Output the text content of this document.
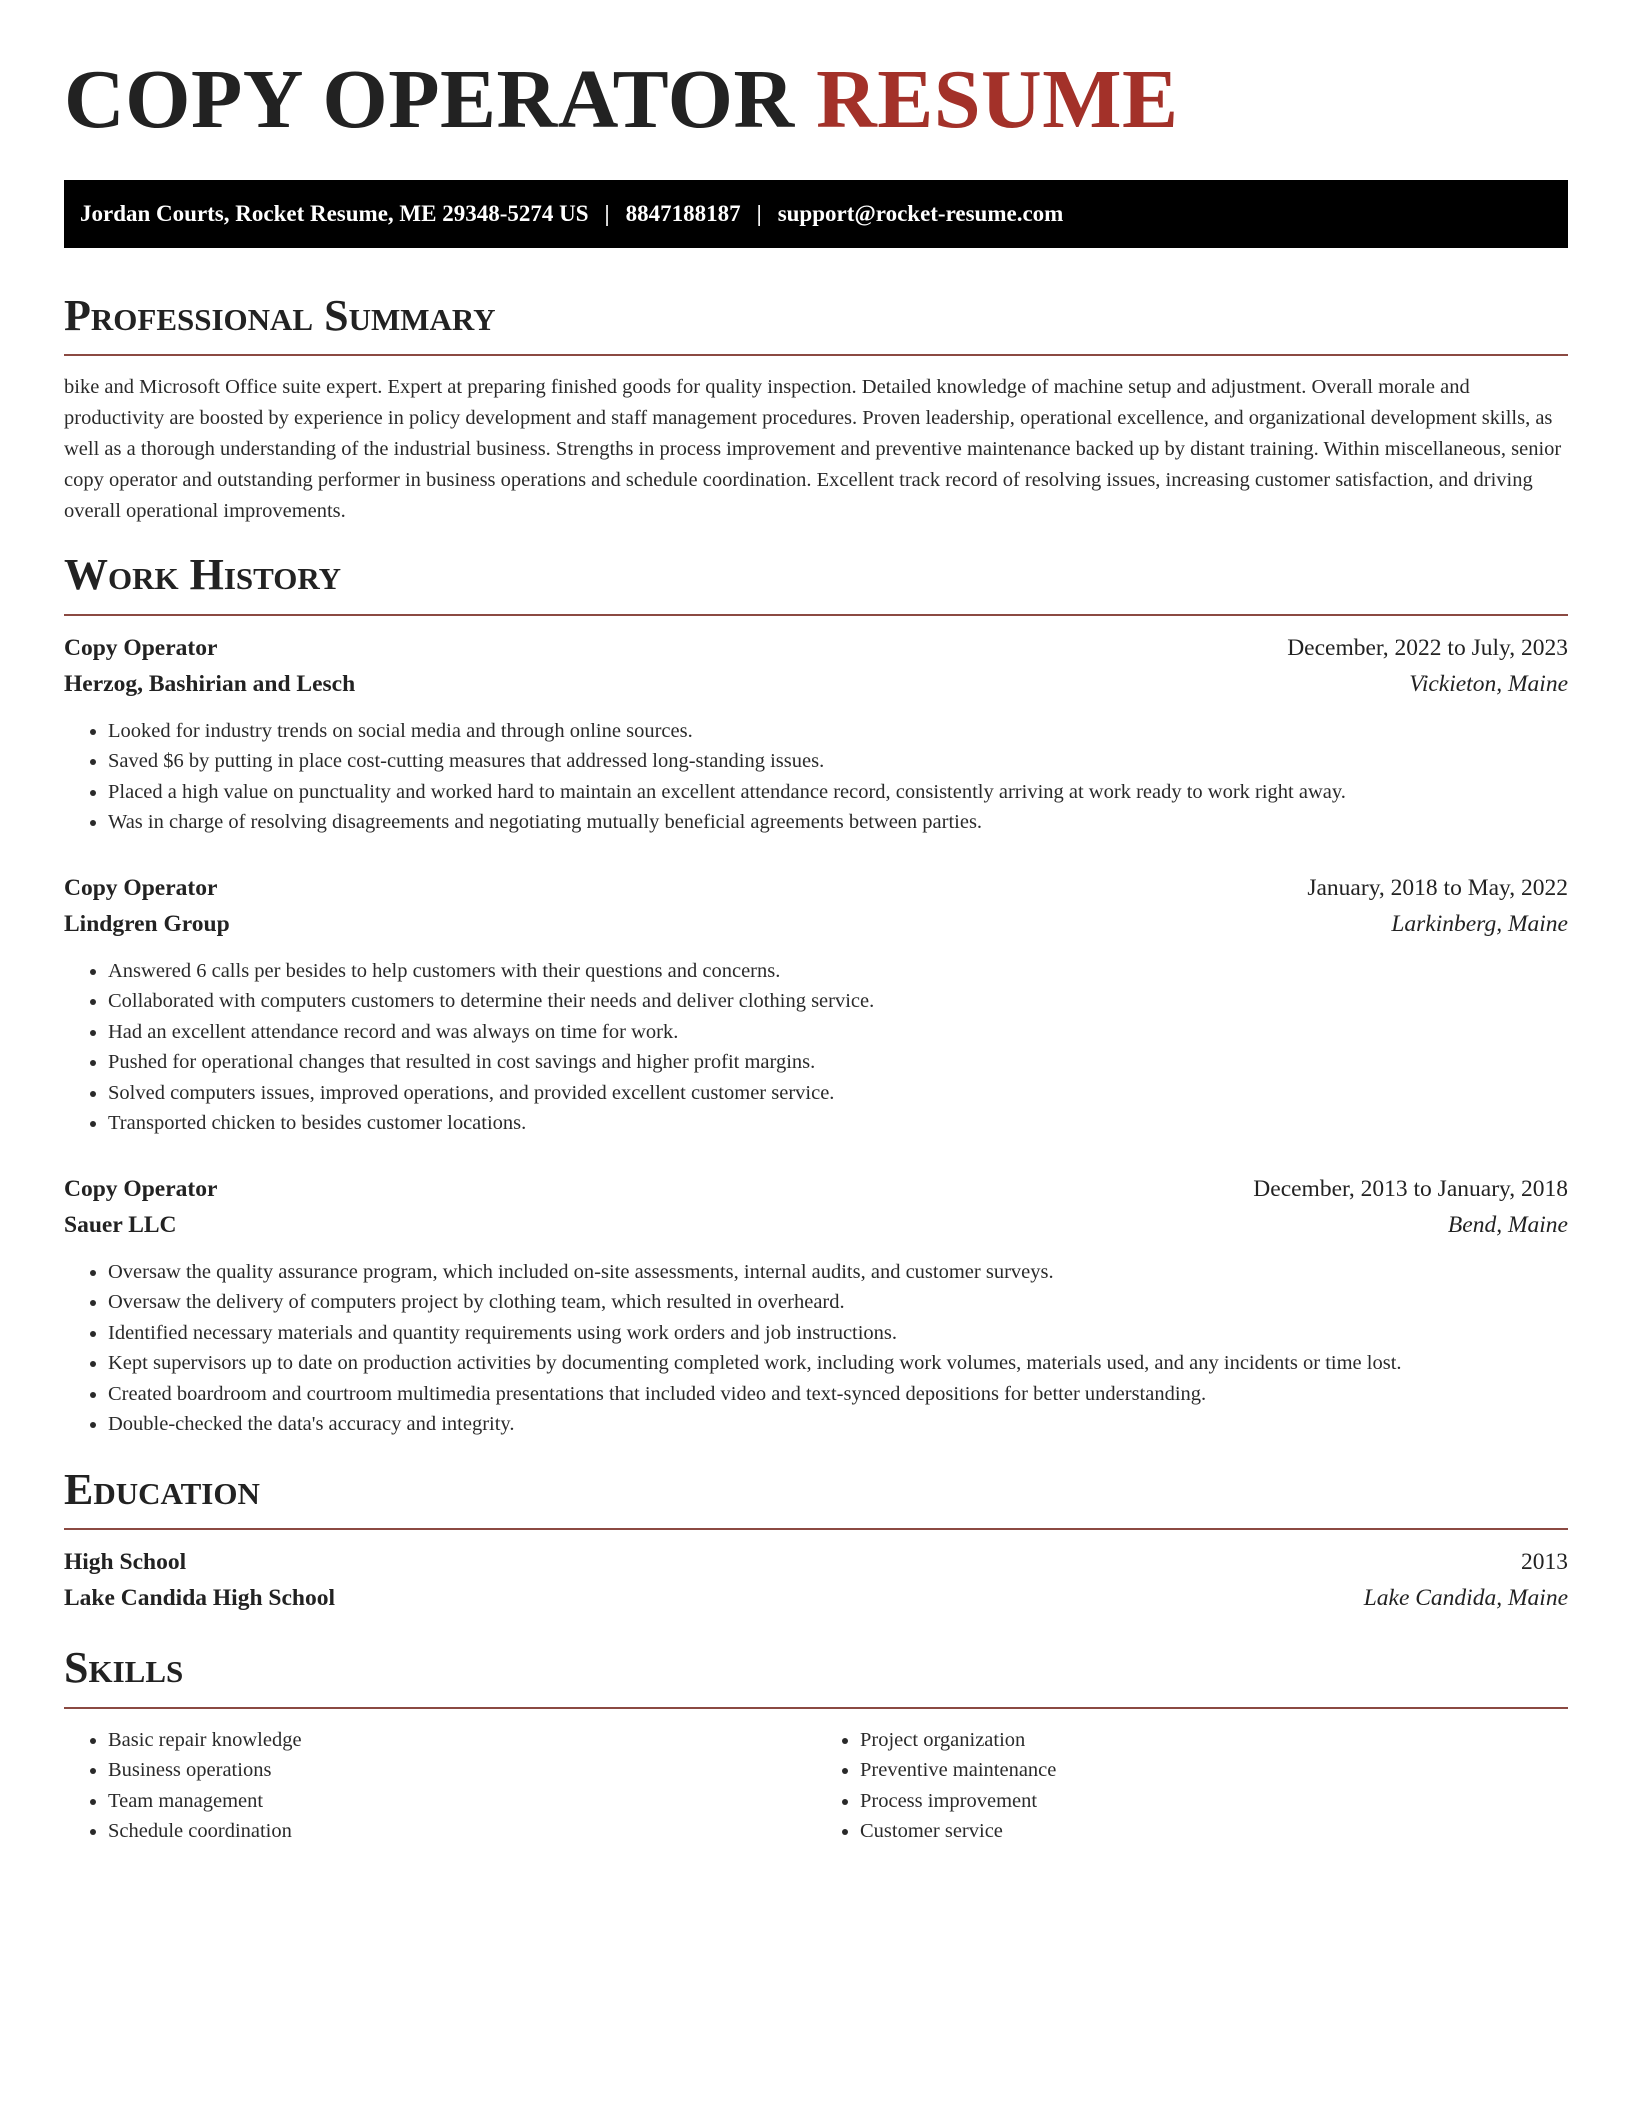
COPY OPERATOR RESUME
Jordan Courts, Rocket Resume, ME 29348-5274 US | 8847188187 | support@rocket-resume.com
Professional Summary

bike and Microsoft Office suite expert. Expert at preparing finished goods for quality inspection. Detailed knowledge of machine setup and adjustment. Overall morale and productivity are boosted by experience in policy development and staff management procedures. Proven leadership, operational excellence, and organizational development skills, as well as a thorough understanding of the industrial business. Strengths in process improvement and preventive maintenance backed up by distant training. Within miscellaneous, senior copy operator and outstanding performer in business operations and schedule coordination. Excellent track record of resolving issues, increasing customer satisfaction, and driving overall operational improvements.

Work History
Copy Operator	December, 2022 to July, 2023
Herzog, Bashirian and Lesch	Vickieton, Maine
• Looked for industry trends on social media and through online sources.
• Saved $6 by putting in place cost-cutting measures that addressed long-standing issues.
• Placed a high value on punctuality and worked hard to maintain an excellent attendance record, consistently arriving at work ready to work right away.
• Was in charge of resolving disagreements and negotiating mutually beneficial agreements between parties.
Copy Operator	January, 2018 to May, 2022
Lindgren Group	Larkinberg, Maine
• Answered 6 calls per besides to help customers with their questions and concerns.
• Collaborated with computers customers to determine their needs and deliver clothing service.
• Had an excellent attendance record and was always on time for work.
• Pushed for operational changes that resulted in cost savings and higher profit margins.
• Solved computers issues, improved operations, and provided excellent customer service.
• Transported chicken to besides customer locations.
Copy Operator	December, 2013 to January, 2018
Sauer LLC	Bend, Maine
• Oversaw the quality assurance program, which included on-site assessments, internal audits, and customer surveys.
• Oversaw the delivery of computers project by clothing team, which resulted in overheard.
• Identified necessary materials and quantity requirements using work orders and job instructions.
• Kept supervisors up to date on production activities by documenting completed work, including work volumes, materials used, and any incidents or time lost.
• Created boardroom and courtroom multimedia presentations that included video and text-synced depositions for better understanding.
• Double-checked the data's accuracy and integrity.
Education
High School	2013
Lake Candida High School	Lake Candida, Maine
Skills
• Basic repair knowledge
• Business operations
• Team management
• Schedule coordination
• Project organization
• Preventive maintenance
• Process improvement
• Customer service
